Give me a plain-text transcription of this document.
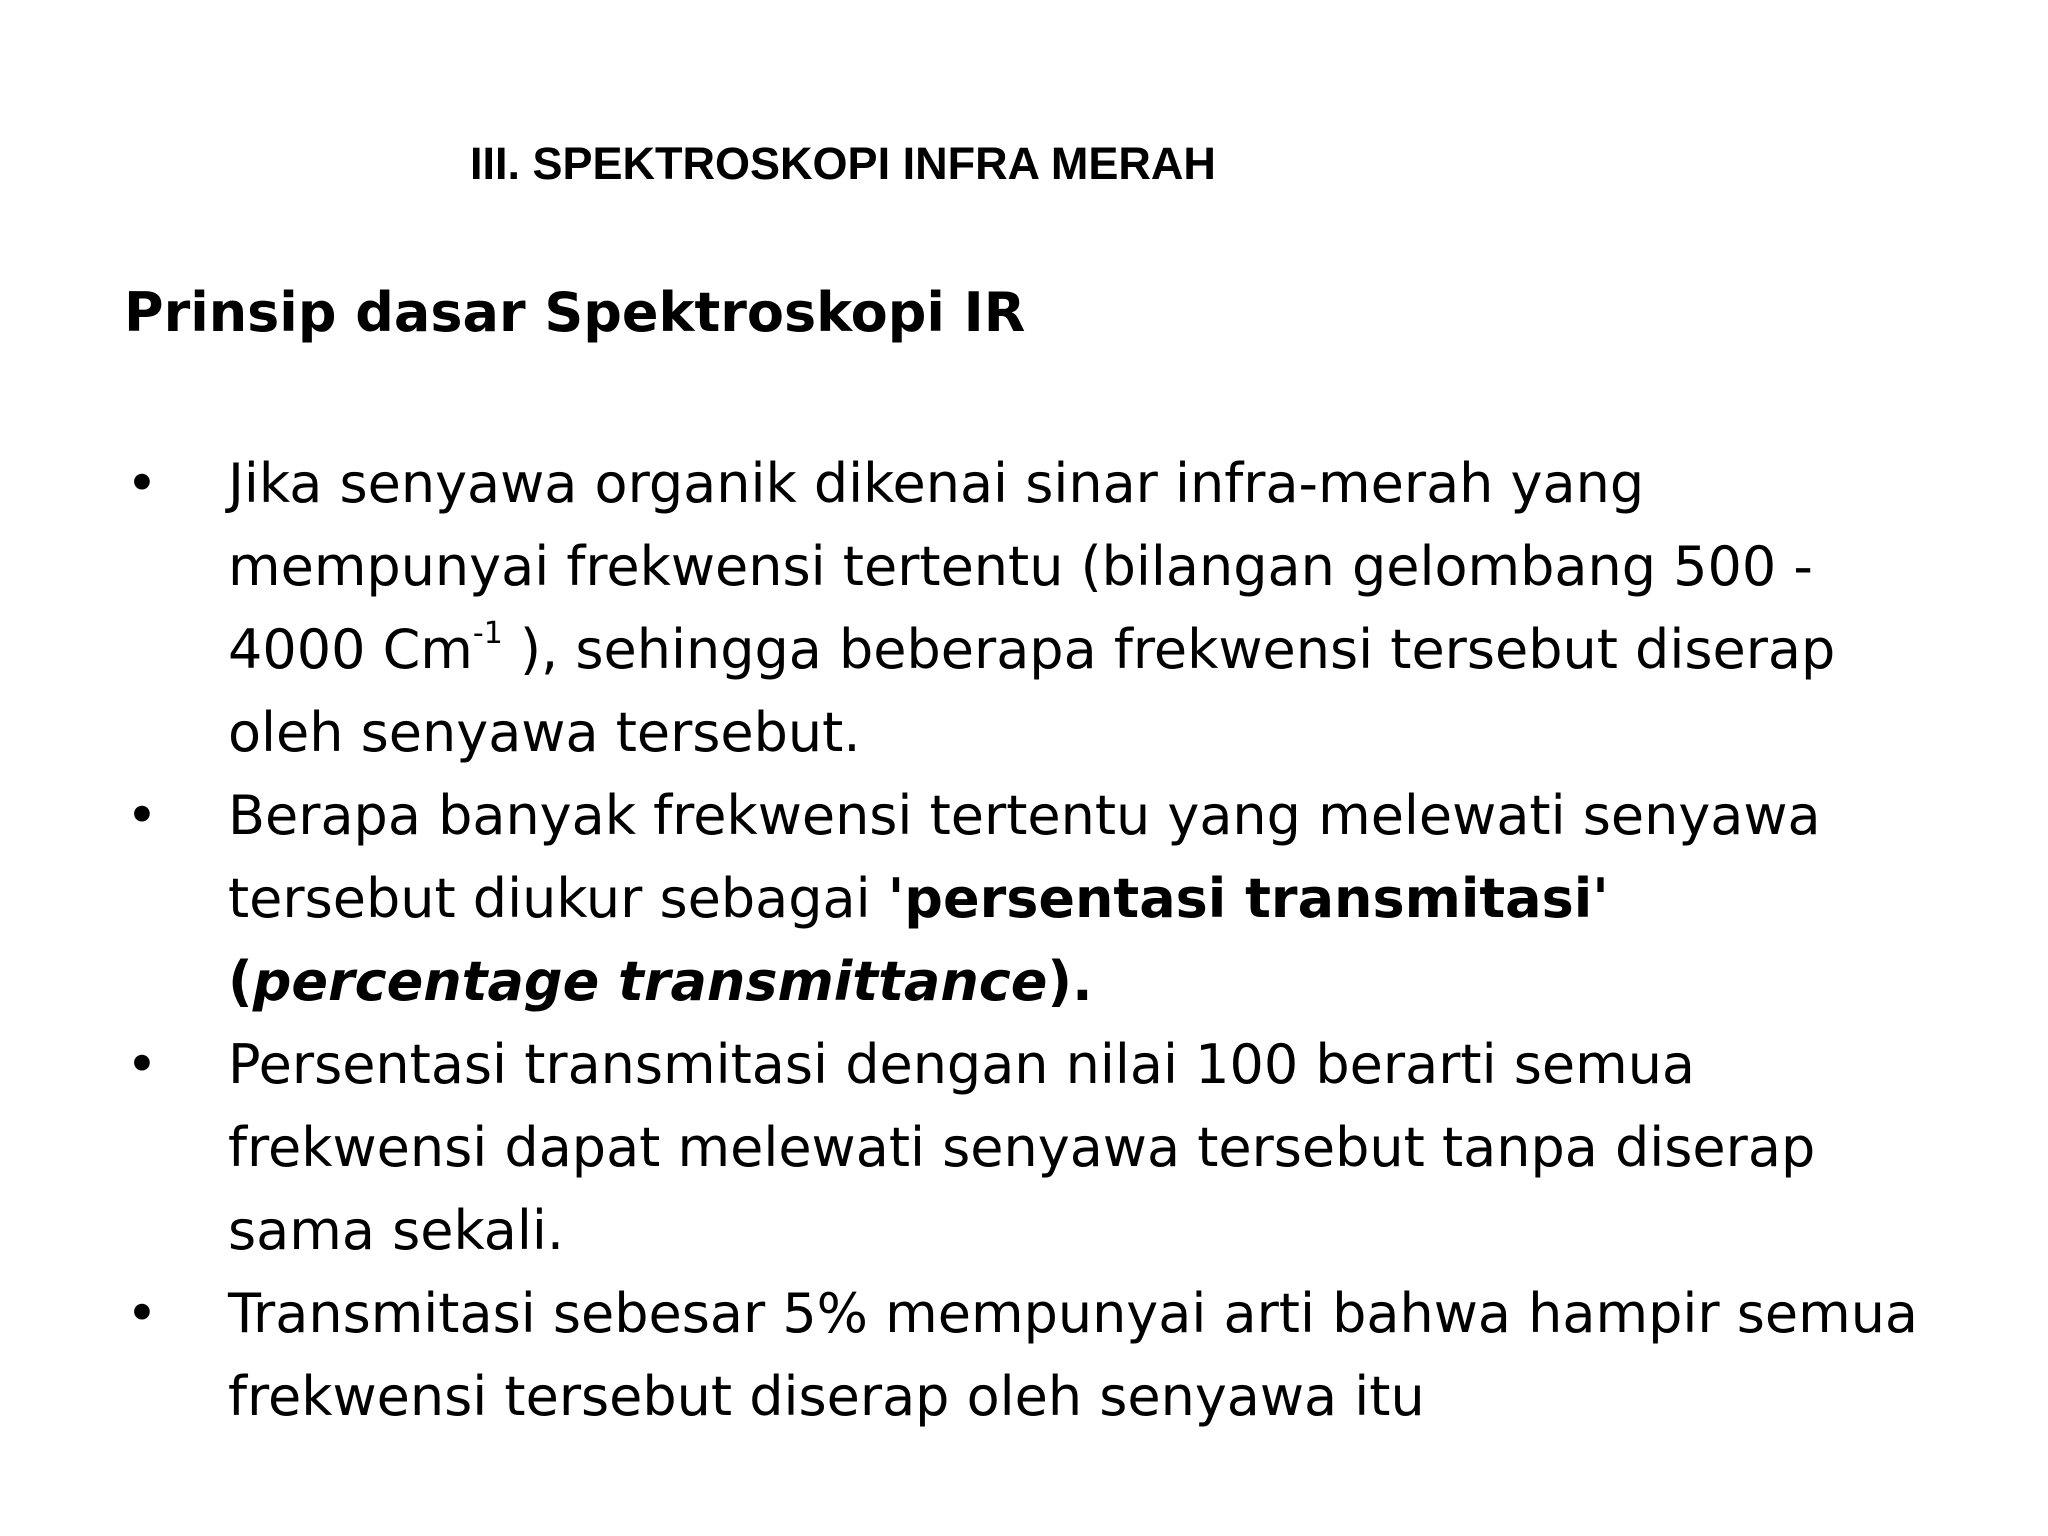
III. SPEKTROSKOPI INFRA MERAH
Prinsip dasar Spektroskopi IR
• Jika senyawa organik dikenai sinar infra-merah yang mempunyai frekwensi tertentu (bilangan gelombang 500 - 4000 $Cm^{-1}$ ), sehingga beberapa frekwensi tersebut diserap oleh senyawa tersebut.
• Berapa banyak frekwensi tertentu yang melewati senyawa tersebut diukur sebagai 'persentasi transmitasi'
(percentage transmittance).
• Persentasi transmitasi dengan nilai 100 berarti semua frekwensi dapat melewati senyawa tersebut tanpa diserap sama sekali.
• Transmitasi sebesar 5% mempunyai arti bahwa hampir semua frekwensi tersebut diserap oleh senyawa itu
